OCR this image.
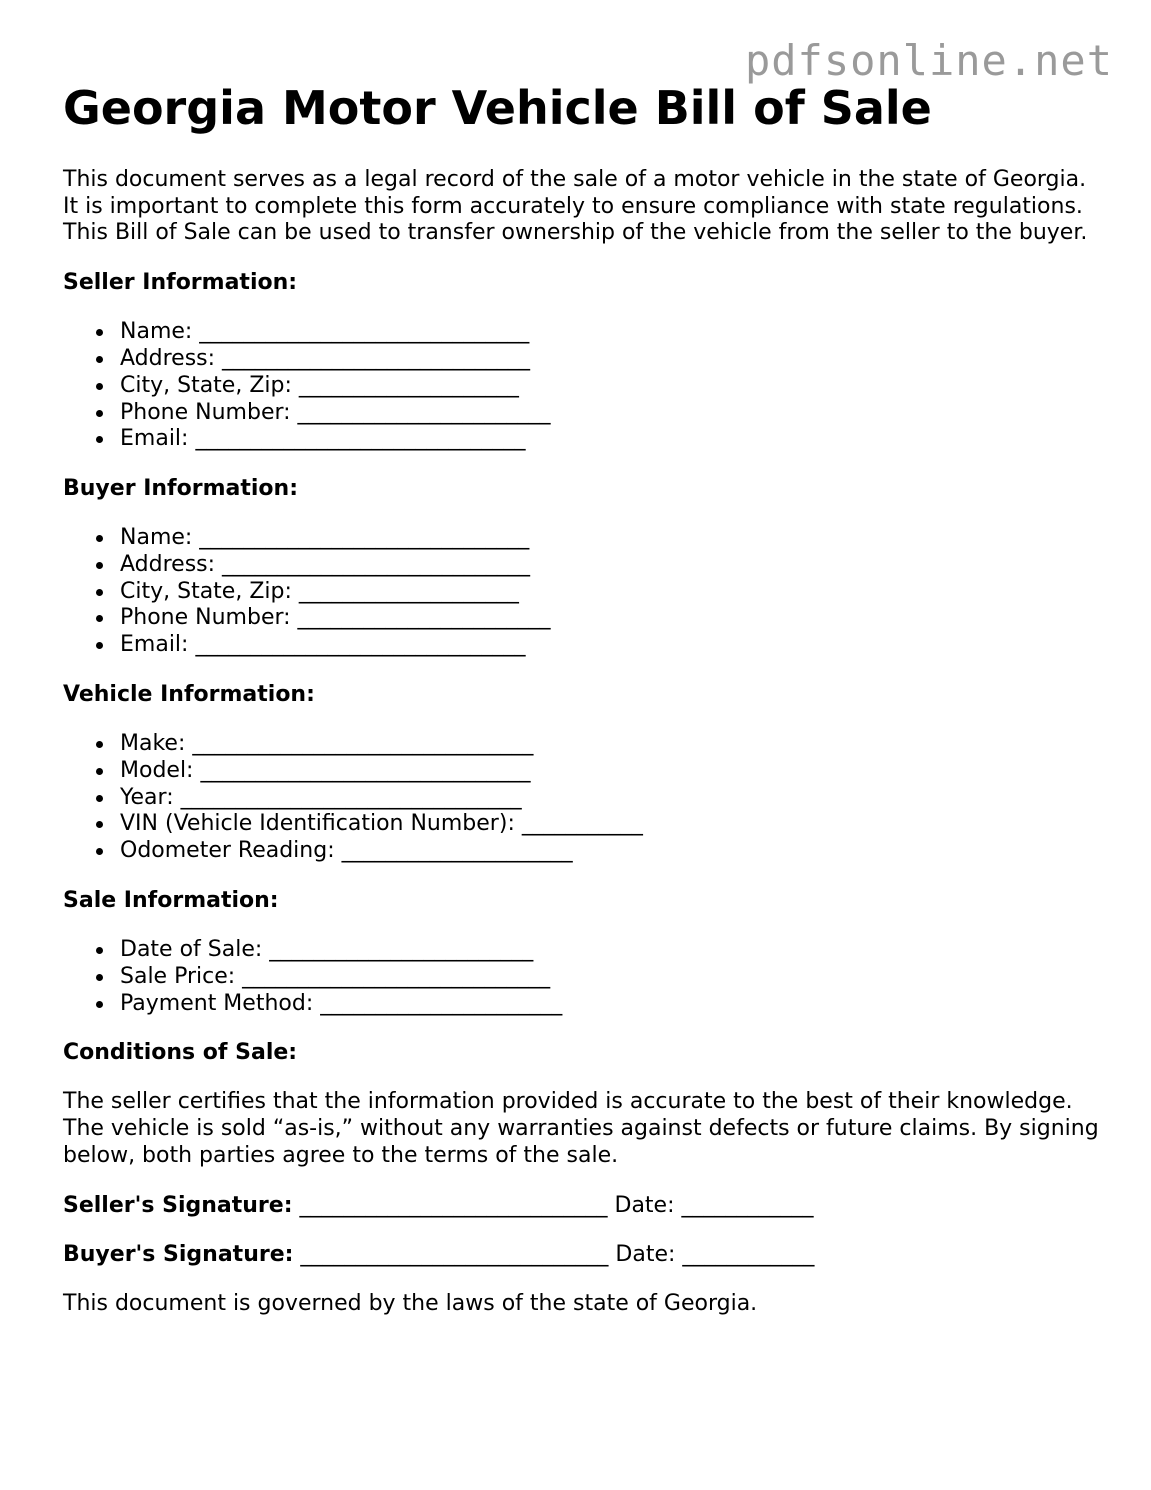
pdfsonline.net
Georgia Motor Vehicle Bill of Sale

This document serves as a legal record of the sale of a motor vehicle in the state of Georgia. It is important to complete this form accurately to ensure compliance with state regulations. This Bill of Sale can be used to transfer ownership of the vehicle from the seller to the buyer.

Seller Information:
Name: ______________________________
Address: ____________________________
City, State, Zip: ____________________
Phone Number: _______________________
Email: ______________________________
Buyer Information:
Name: ______________________________
Address: ____________________________
City, State, Zip: ____________________
Phone Number: _______________________
Email: ______________________________
Vehicle Information:
Make: _______________________________
Model: ______________________________
Year: _______________________________
VIN (Vehicle Identification Number): ___________
Odometer Reading: _____________________
Sale Information:
Date of Sale: ________________________
Sale Price: ____________________________
Payment Method: ______________________
Conditions of Sale:

The seller certifies that the information provided is accurate to the best of their knowledge. The vehicle is sold “as-is,” without any warranties against defects or future claims. By signing below, both parties agree to the terms of the sale.

Seller's Signature: ____________________________ Date: ____________
Buyer's Signature: ____________________________ Date: ____________

This document is governed by the laws of the state of Georgia.
